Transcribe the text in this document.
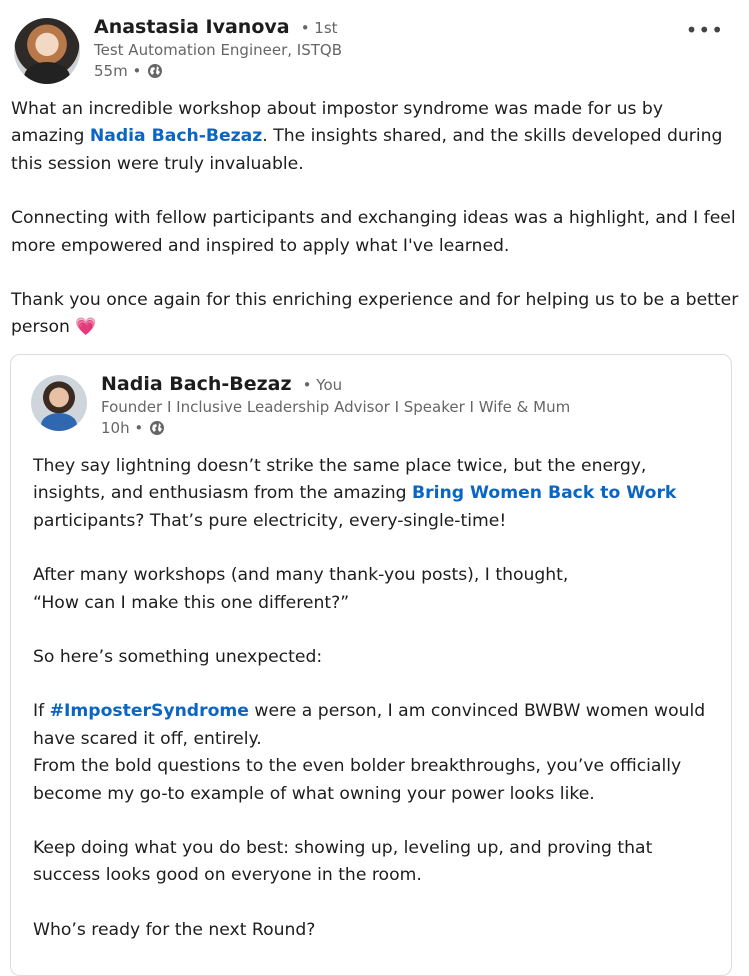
Anastasia Ivanova • 1st
Test Automation Engineer, ISTQB
55m •
•••

What an incredible workshop about impostor syndrome was made for us by amazing Nadia Bach-Bezaz. The insights shared, and the skills developed during this session were truly invaluable.

Connecting with fellow participants and exchanging ideas was a highlight, and I feel more empowered and inspired to apply what I've learned.

Thank you once again for this enriching experience and for helping us to be a better person 💗

Nadia Bach-Bezaz • You
Founder I Inclusive Leadership Advisor I Speaker I Wife & Mum
10h •

They say lightning doesn’t strike the same place twice, but the energy, insights, and enthusiasm from the amazing Bring Women Back to Work participants? That’s pure electricity, every-single-time!

After many workshops (and many thank-you posts), I thought,
“How can I make this one different?”

So here’s something unexpected:

If #ImposterSyndrome were a person, I am convinced BWBW women would have scared it off, entirely.
From the bold questions to the even bolder breakthroughs, you’ve officially become my go-to example of what owning your power looks like.

Keep doing what you do best: showing up, leveling up, and proving that success looks good on everyone in the room.

Who’s ready for the next Round?
